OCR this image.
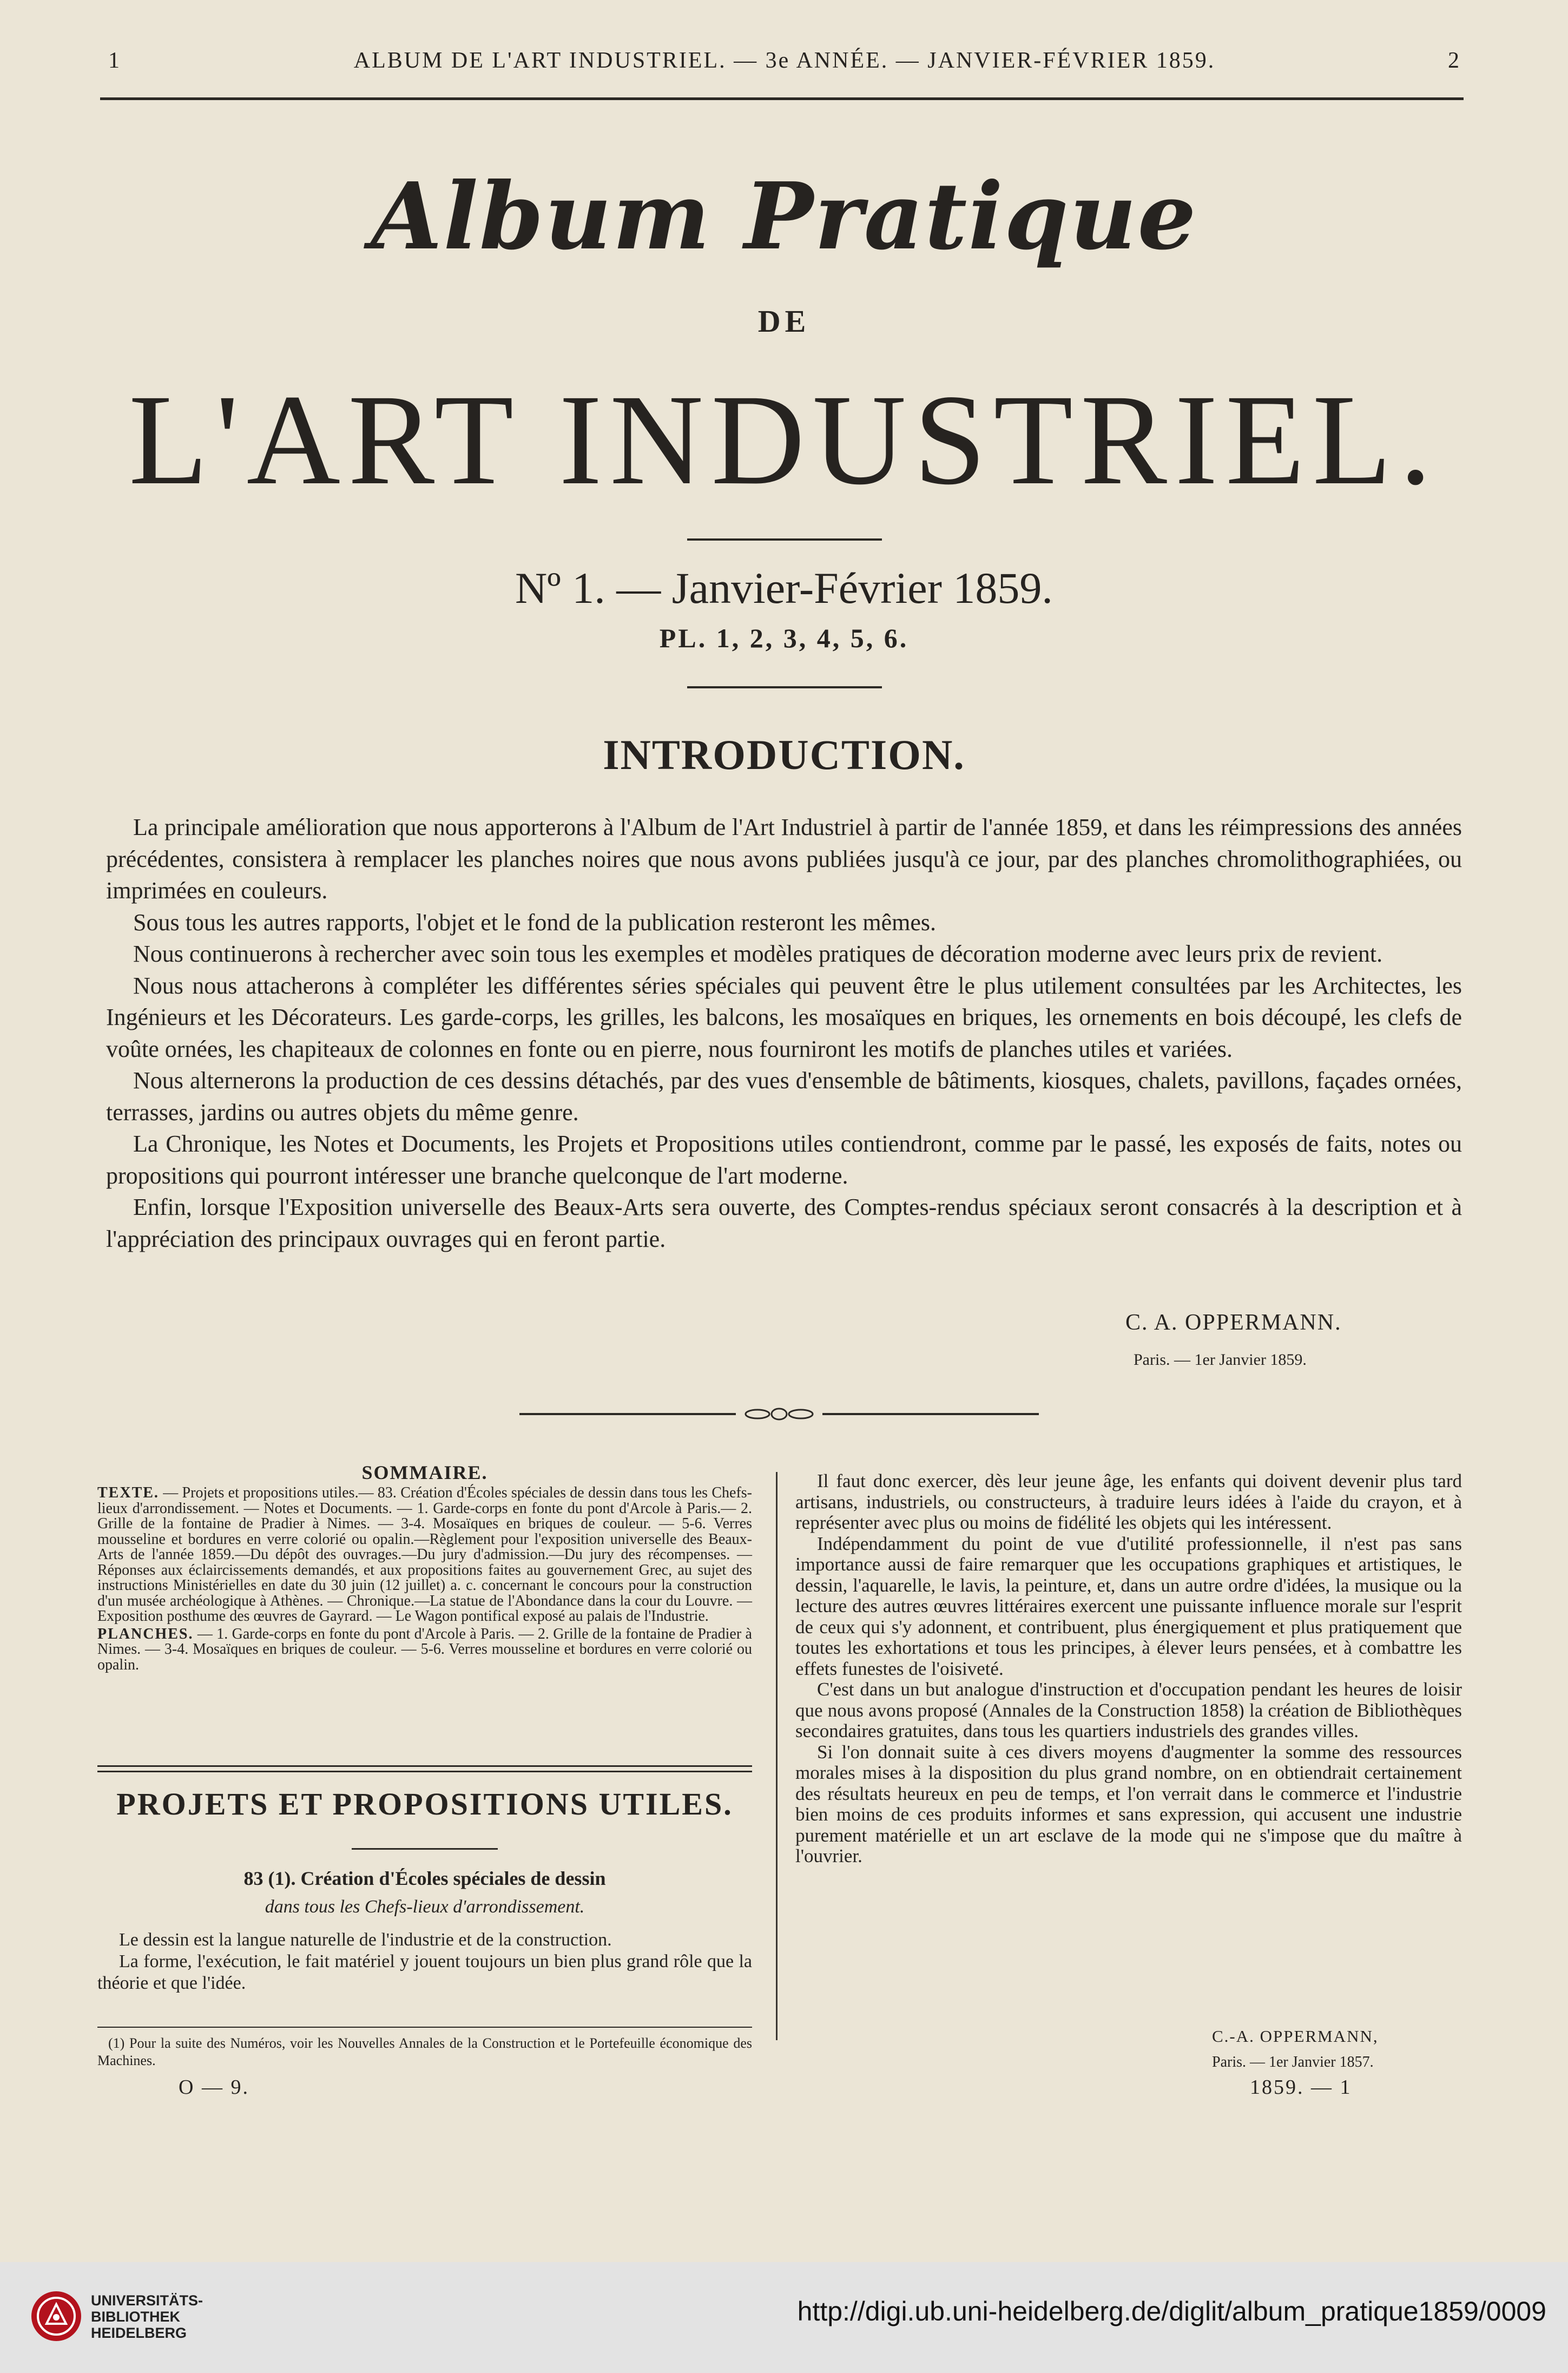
1	ALBUM DE L'ART INDUSTRIEL. — 3e ANNÉE. — JANVIER-FÉVRIER 1859.	2
Album Pratique
DE
L'ART INDUSTRIEL.
Nº 1. — Janvier-Février 1859.
PL. 1, 2, 3, 4, 5, 6.
INTRODUCTION.

La principale amélioration que nous apporterons à l'Album de l'Art Industriel à partir de l'année 1859, et dans les réimpressions des années précédentes, consistera à remplacer les planches noires que nous avons publiées jusqu'à ce jour, par des planches chromolithographiées, ou imprimées en couleurs.

Sous tous les autres rapports, l'objet et le fond de la publication resteront les mêmes.

Nous continuerons à rechercher avec soin tous les exemples et modèles pratiques de décoration moderne avec leurs prix de revient.

Nous nous attacherons à compléter les différentes séries spéciales qui peuvent être le plus utilement consultées par les Architectes, les Ingénieurs et les Décorateurs. Les garde-corps, les grilles, les balcons, les mosaïques en briques, les ornements en bois découpé, les clefs de voûte ornées, les chapiteaux de colonnes en fonte ou en pierre, nous fourniront les motifs de planches utiles et variées.

Nous alternerons la production de ces dessins détachés, par des vues d'ensemble de bâtiments, kiosques, chalets, pavillons, façades ornées, terrasses, jardins ou autres objets du même genre.

La Chronique, les Notes et Documents, les Projets et Propositions utiles contiendront, comme par le passé, les exposés de faits, notes ou propositions qui pourront intéresser une branche quelconque de l'art moderne.

Enfin, lorsque l'Exposition universelle des Beaux-Arts sera ouverte, des Comptes-rendus spéciaux seront consacrés à la description et à l'appréciation des principaux ouvrages qui en feront partie.

C. A. OPPERMANN.
Paris. — 1er Janvier 1859.
SOMMAIRE.

TEXTE. — Projets et propositions utiles.— 83. Création d'Écoles spéciales de dessin dans tous les Chefs-lieux d'arrondissement. — Notes et Documents. — 1. Garde-corps en fonte du pont d'Arcole à Paris.— 2. Grille de la fontaine de Pradier à Nimes. — 3-4. Mosaïques en briques de couleur. — 5-6. Verres mousseline et bordures en verre colorié ou opalin.—Règlement pour l'exposition universelle des Beaux-Arts de l'année 1859.—Du dépôt des ouvrages.—Du jury d'admission.—Du jury des récompenses. — Réponses aux éclaircissements demandés, et aux propositions faites au gouvernement Grec, au sujet des instructions Ministérielles en date du 30 juin (12 juillet) a. c. concernant le concours pour la construction d'un musée archéologique à Athènes. — Chronique.—La statue de l'Abondance dans la cour du Louvre. — Exposition posthume des œuvres de Gayrard. — Le Wagon pontifical exposé au palais de l'Industrie.

PLANCHES. — 1. Garde-corps en fonte du pont d'Arcole à Paris. — 2. Grille de la fontaine de Pradier à Nimes. — 3-4. Mosaïques en briques de couleur. — 5-6. Verres mousseline et bordures en verre colorié ou opalin.

PROJETS ET PROPOSITIONS UTILES.
83 (1). Création d'Écoles spéciales de dessin
dans tous les Chefs-lieux d'arrondissement.

Le dessin est la langue naturelle de l'industrie et de la construction.

La forme, l'exécution, le fait matériel y jouent toujours un bien plus grand rôle que la théorie et que l'idée.

(1) Pour la suite des Numéros, voir les Nouvelles Annales de la Construction et le Portefeuille économique des Machines.

O — 9.

Il faut donc exercer, dès leur jeune âge, les enfants qui doivent devenir plus tard artisans, industriels, ou constructeurs, à traduire leurs idées à l'aide du crayon, et à représenter avec plus ou moins de fidélité les objets qui les intéressent.

Indépendamment du point de vue d'utilité professionnelle, il n'est pas sans importance aussi de faire remarquer que les occupations graphiques et artistiques, le dessin, l'aquarelle, le lavis, la peinture, et, dans un autre ordre d'idées, la musique ou la lecture des autres œuvres littéraires exercent une puissante influence morale sur l'esprit de ceux qui s'y adonnent, et contribuent, plus énergiquement et plus pratiquement que toutes les exhortations et tous les principes, à élever leurs pensées, et à combattre les effets funestes de l'oisiveté.

C'est dans un but analogue d'instruction et d'occupation pendant les heures de loisir que nous avons proposé (Annales de la Construction 1858) la création de Bibliothèques secondaires gratuites, dans tous les quartiers industriels des grandes villes.

Si l'on donnait suite à ces divers moyens d'augmenter la somme des ressources morales mises à la disposition du plus grand nombre, on en obtiendrait certainement des résultats heureux en peu de temps, et l'on verrait dans le commerce et l'industrie bien moins de ces produits informes et sans expression, qui accusent une industrie purement matérielle et un art esclave de la mode qui ne s'impose que du maître à l'ouvrier.

C.-A. OPPERMANN,
Paris. — 1er Janvier 1857.
1859. — 1
UNIVERSITÄTS-
BIBLIOTHEK
HEIDELBERG
http://digi.ub.uni-heidelberg.de/diglit/album_pratique1859/0009
